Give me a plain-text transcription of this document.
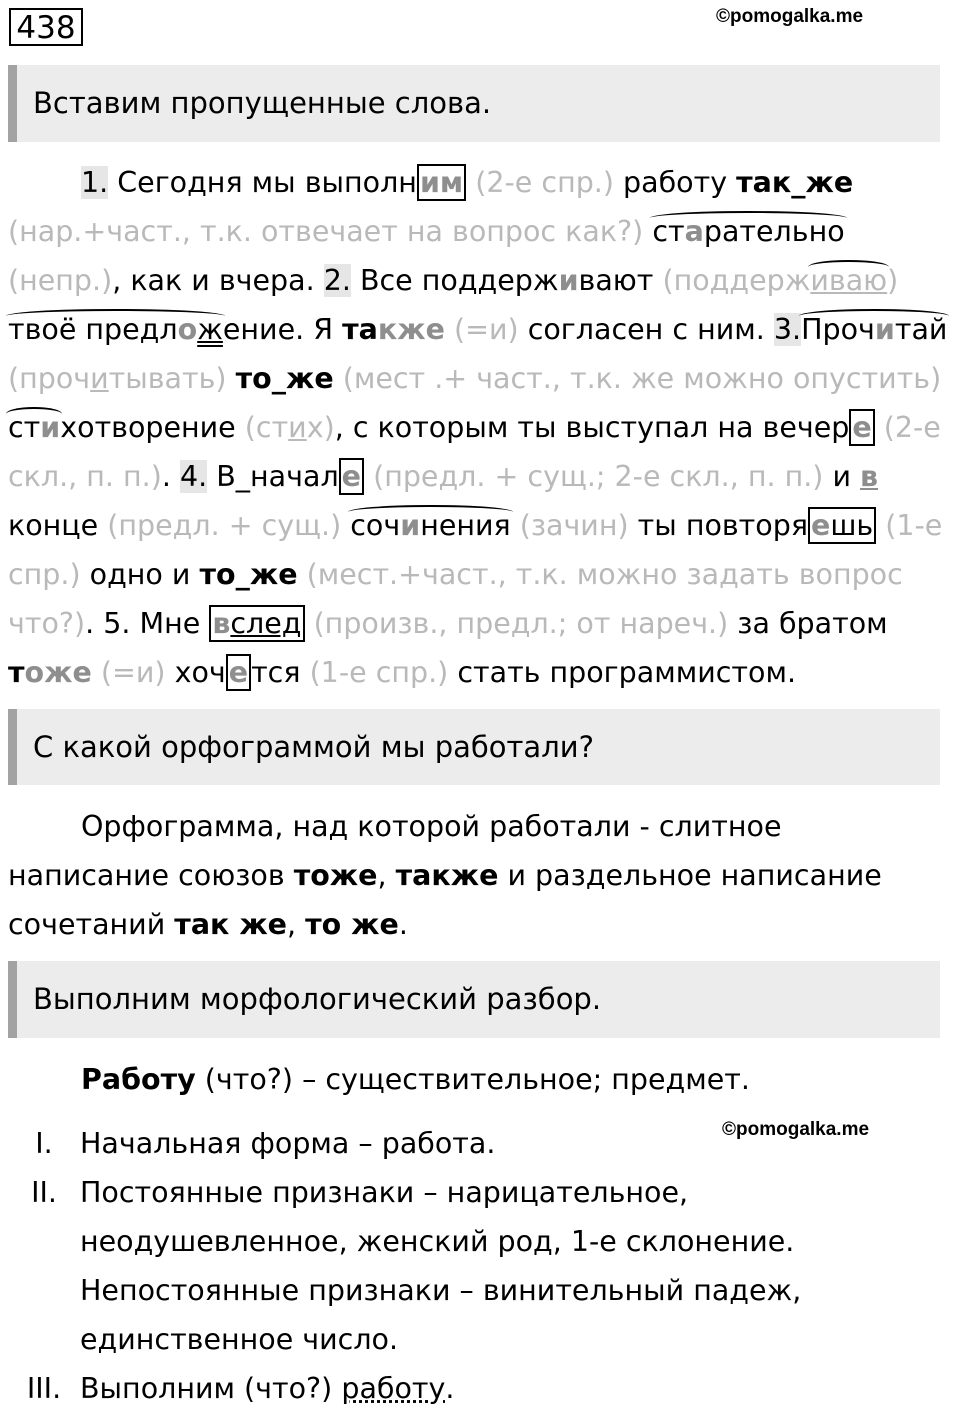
438	©pomogalka.me
Вставим пропущенные слова.
1. Сегодня мы выполн им (2-е спр.) работу так_же
(нар.+част., т.к. отвечает на вопрос как?) старательно
(непр.), как и вчера. 2. Все поддерживают (поддерживаю)
твоё предложение. Я также (=и) согласен с ним. 3.Прочитай
(прочитывать) то_же (мест .+ част., т.к. же можно опустить)
стихотворение (стих), с которым ты выступал на вечер е (2-е
скл., п. п.). 4. В_начал е (предл. + сущ.; 2-е скл., п. п.) и в
конце (предл. + сущ.) сочинения (зачин) ты повторя ешь (1-е
спр.) одно и то_же (мест.+част., т.к. можно задать вопрос
что?). 5. Мне вслед (произв., предл.; от нареч.) за братом
тоже (=и) хоч е тся (1-е спр.) стать программистом.
С какой орфограммой мы работали?
Орфограмма, над которой работали - слитное
написание союзов тоже, также и раздельное написание
сочетаний так же, то же.
Выполним морфологический разбор.
Работу (что?) – существительное; предмет.
©pomogalka.me
I. Начальная форма – работа.
II. Постоянные признаки – нарицательное,
неодушевленное, женский род, 1-е склонение.
Непостоянные признаки – винительный падеж,
единственное число.
III. Выполним (что?) работу.
